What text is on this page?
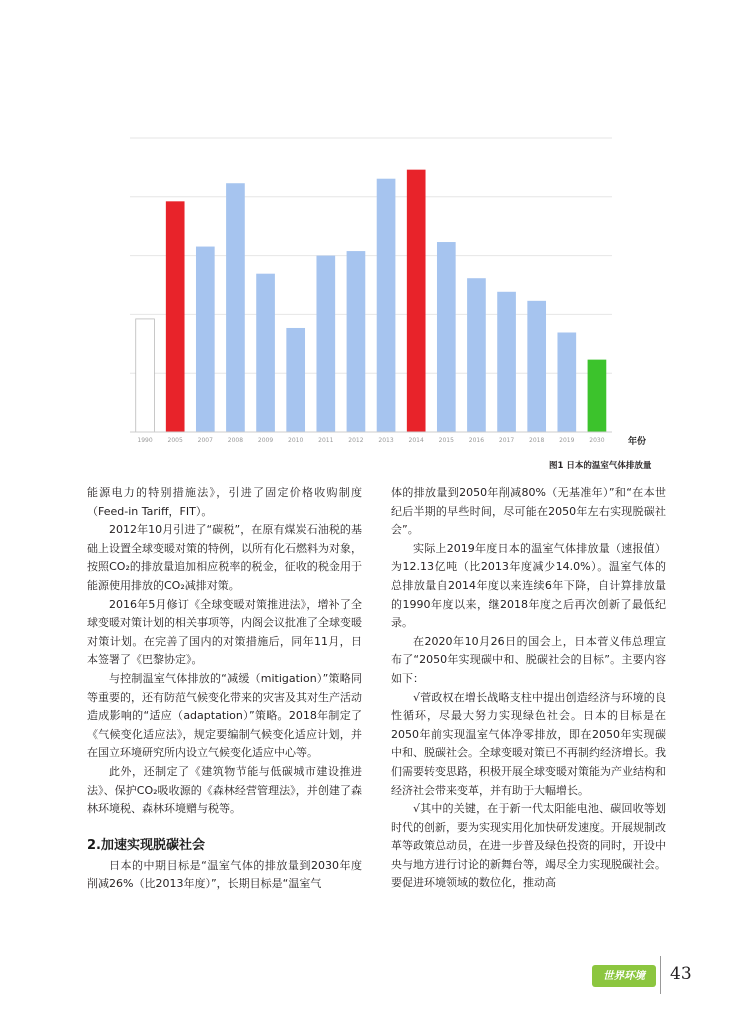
1990 2005 2007 2008 2009 2010 2011 2012 2013 2014 2015 2016 2017 2018 2019 2030	年份
图1 日本的温室气体排放量

能源电力的特别措施法》，引进了固定价格收购制度（Feed-in Tariff，FIT）。

2012年10月引进了“碳税”，在原有煤炭石油税的基础上设置全球变暖对策的特例，以所有化石燃料为对象，按照CO₂的排放量追加相应税率的税金，征收的税金用于能源使用排放的CO₂减排对策。

2016年5月修订《全球变暖对策推进法》，增补了全球变暖对策计划的相关事项等，内阁会议批准了全球变暖对策计划。在完善了国内的对策措施后，同年11月，日本签署了《巴黎协定》。

与控制温室气体排放的“减缓（mitigation）”策略同等重要的，还有防范气候变化带来的灾害及其对生产活动造成影响的“适应（adaptation）”策略。2018年制定了《气候变化适应法》，规定要编制气候变化适应计划，并在国立环境研究所内设立气候变化适应中心等。

此外，还制定了《建筑物节能与低碳城市建设推进法》、保护CO₂吸收源的《森林经营管理法》，并创建了森林环境税、森林环境赠与税等。

2.加速实现脱碳社会

日本的中期目标是“温室气体的排放量到2030年度削减26%（比2013年度）”，长期目标是“温室气

体的排放量到2050年削减80%（无基准年）”和“在本世纪后半期的早些时间，尽可能在2050年左右实现脱碳社会”。

实际上2019年度日本的温室气体排放量（速报值）为12.13亿吨（比2013年度减少14.0%）。温室气体的总排放量自2014年度以来连续6年下降，自计算排放量的1990年度以来，继2018年度之后再次创新了最低纪录。

在2020年10月26日的国会上，日本菅义伟总理宣布了“2050年实现碳中和、脱碳社会的目标”。主要内容如下：

√菅政权在增长战略支柱中提出创造经济与环境的良性循环，尽最大努力实现绿色社会。日本的目标是在2050年前实现温室气体净零排放，即在2050年实现碳中和、脱碳社会。全球变暖对策已不再制约经济增长。我们需要转变思路，积极开展全球变暖对策能为产业结构和经济社会带来变革，并有助于大幅增长。

√其中的关键，在于新一代太阳能电池、碳回收等划时代的创新，要为实现实用化加快研发速度。开展规制改革等政策总动员，在进一步普及绿色投资的同时，开设中央与地方进行讨论的新舞台等，竭尽全力实现脱碳社会。要促进环境领域的数位化，推动高

世界环境	43
